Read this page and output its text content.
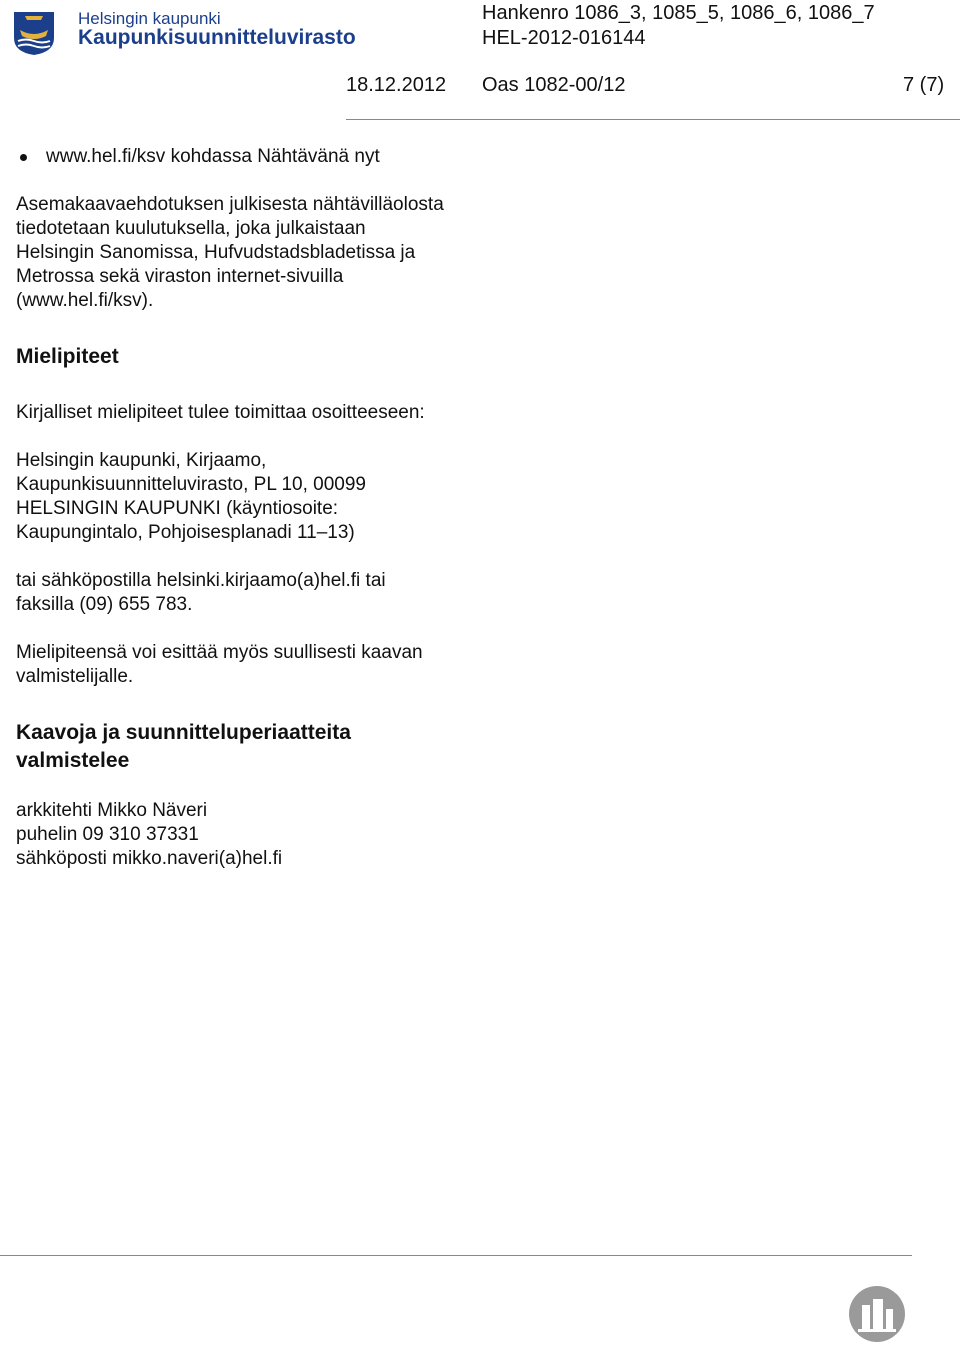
Helsingin kaupunki
Kaupunkisuunnitteluvirasto
Hankenro 1086_3, 1085_5, 1086_6, 1086_7
HEL-2012-016144
18.12.2012 Oas 1082-00/12	7 (7)

www.hel.fi/ksv kohdassa Nähtävänä nyt

Asemakaavaehdotuksen julkisesta nähtävilläolosta tiedotetaan kuulutuksella, joka julkaistaan Helsingin Sanomissa, Hufvudstadsbladetissa ja Metrossa sekä viraston internet-sivuilla (www.hel.fi/ksv).

Mielipiteet

Kirjalliset mielipiteet tulee toimittaa osoitteeseen:

Helsingin kaupunki, Kirjaamo, Kaupunkisuunnitteluvirasto, PL 10, 00099 HELSINGIN KAUPUNKI (käyntiosoite: Kaupungintalo, Pohjoisesplanadi 11–13)

tai sähköpostilla helsinki.kirjaamo(a)hel.fi tai faksilla (09) 655 783.

Mielipiteensä voi esittää myös suullisesti kaavan valmistelijalle.

Kaavoja ja suunnitteluperiaatteita valmistelee

arkkitehti Mikko Näveri

puhelin 09 310 37331

sähköposti mikko.naveri(a)hel.fi
